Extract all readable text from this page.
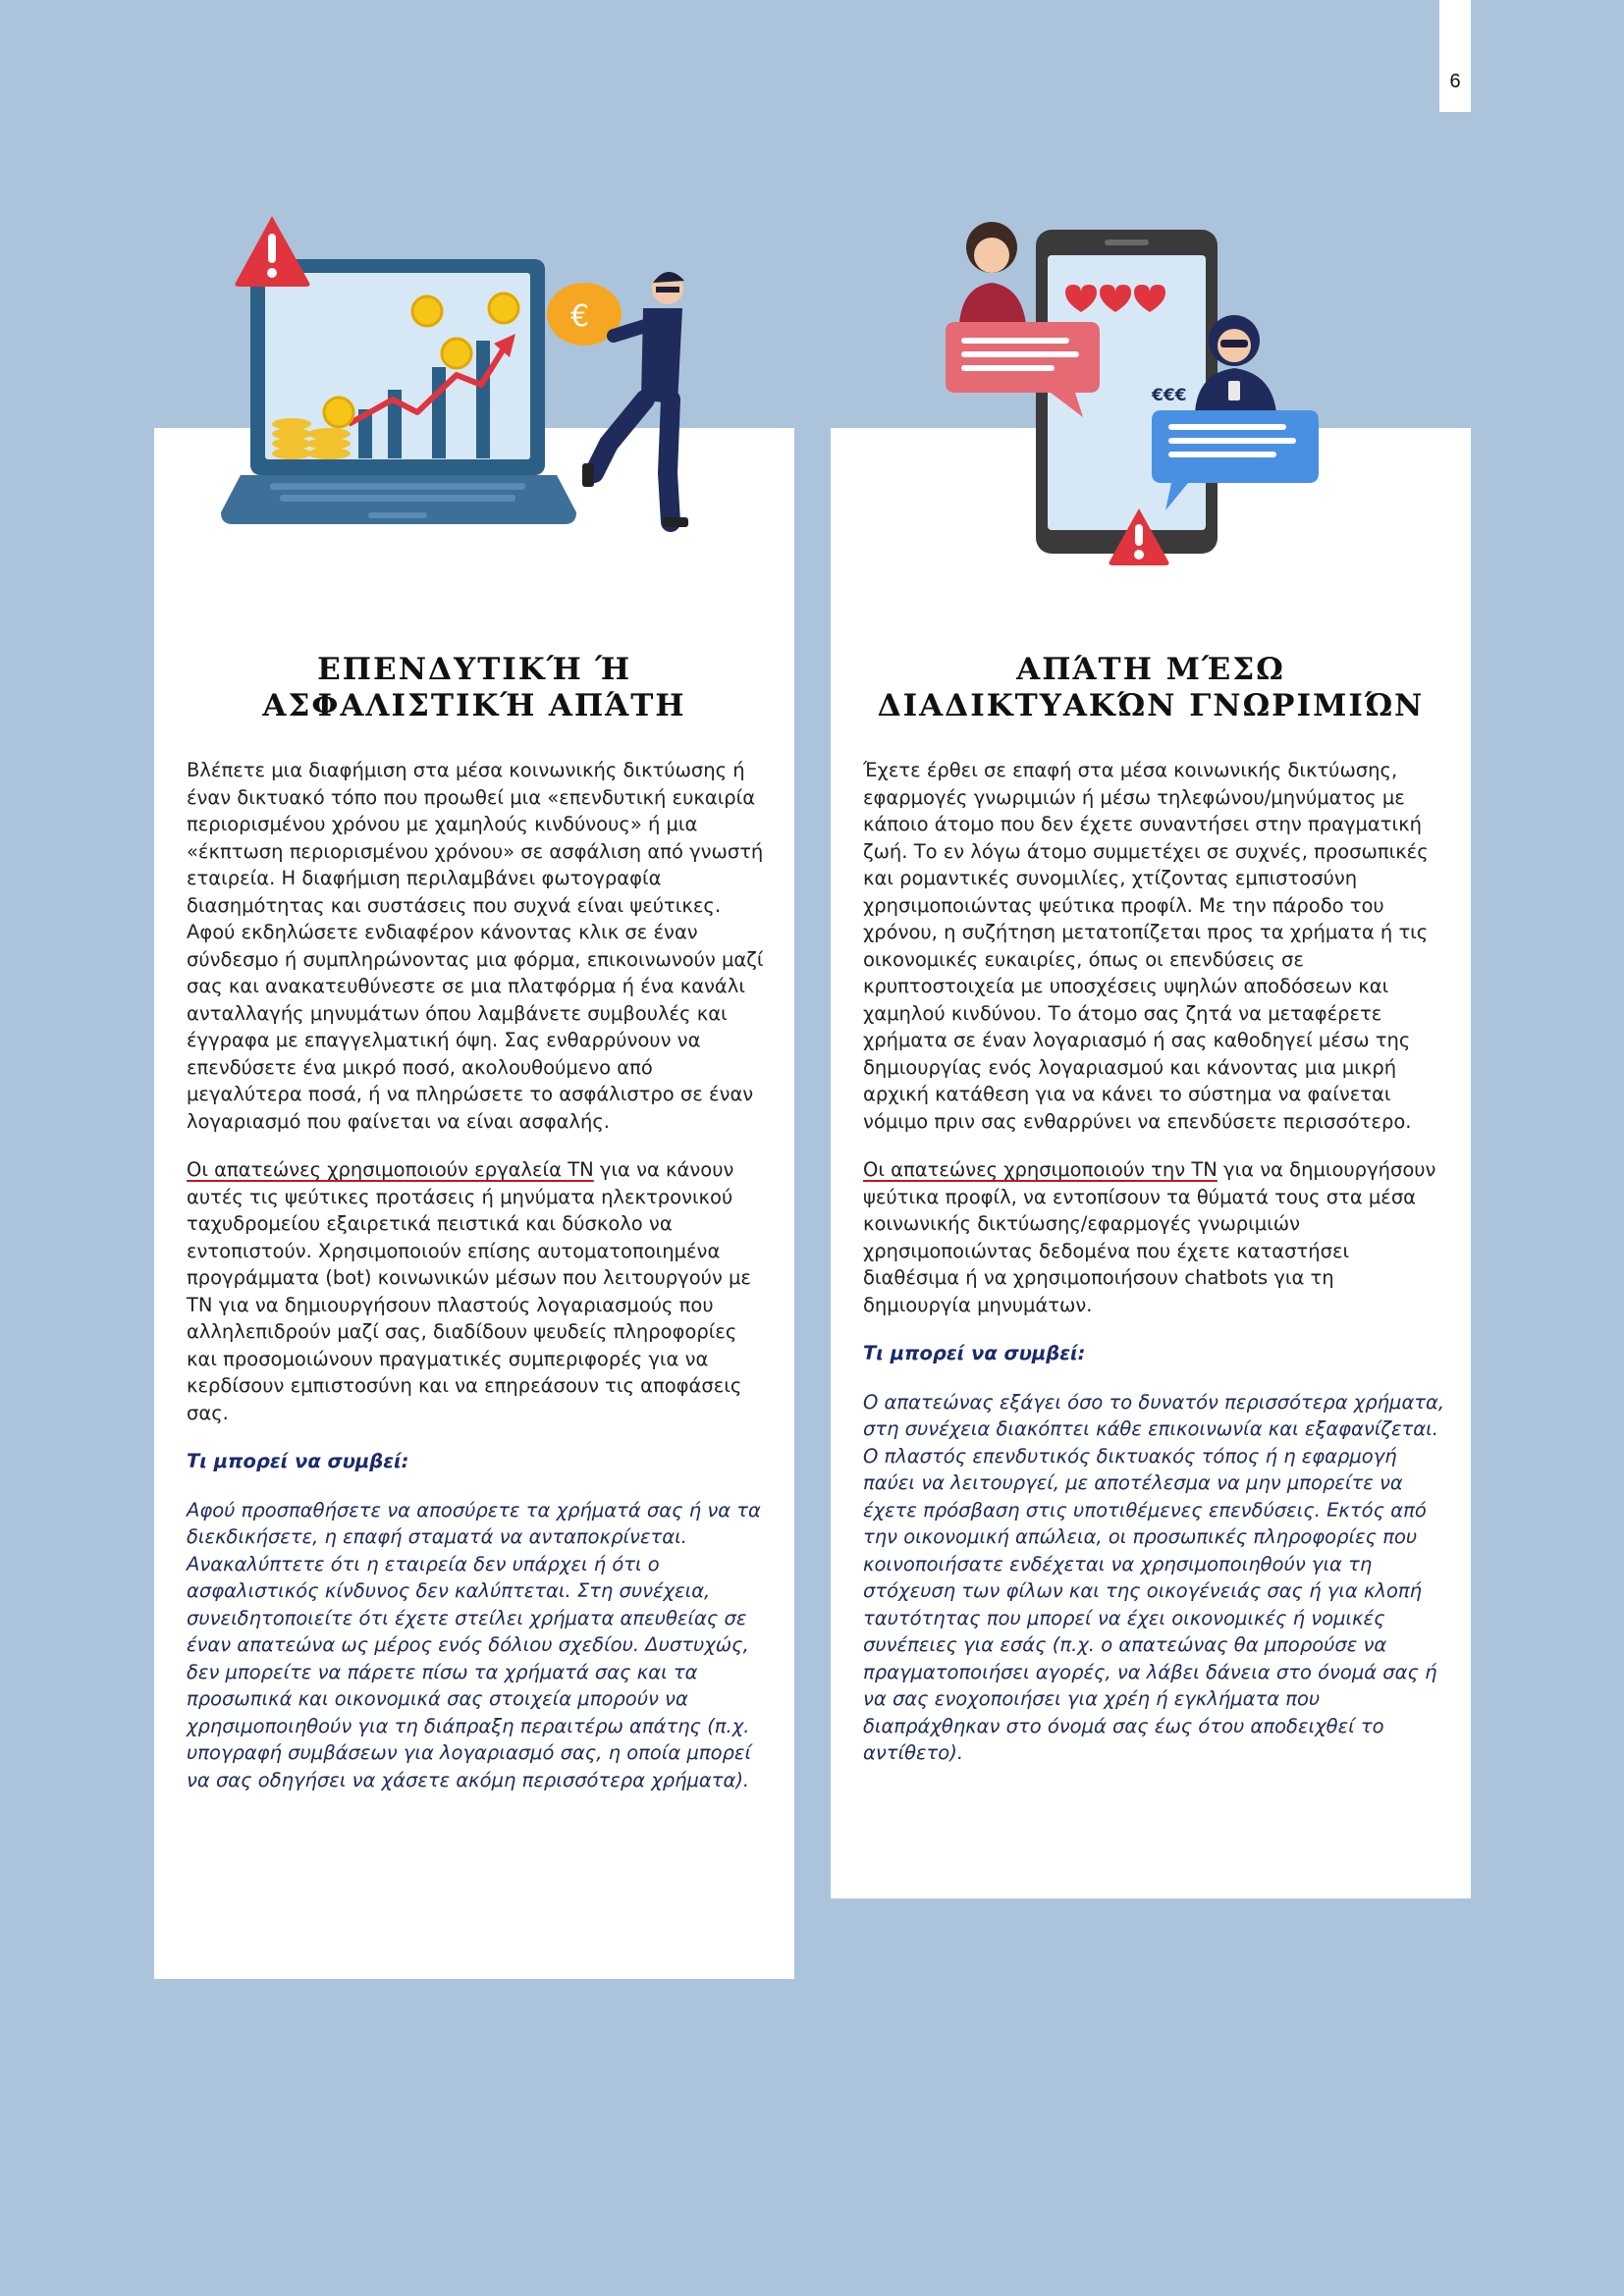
6
ΕΠΕΝΔΥΤΙΚΉ Ή ΑΣΦΑΛΙΣΤΙΚΉ ΑΠΆΤΗ

Βλέπετε μια διαφήμιση στα μέσα κοινωνικής δικτύωσης ή έναν δικτυακό τόπο που προωθεί μια «επενδυτική ευκαιρία περιορισμένου χρόνου με χαμηλούς κινδύνους» ή μια «έκπτωση περιορισμένου χρόνου» σε ασφάλιση από γνωστή εταιρεία. Η διαφήμιση περιλαμβάνει φωτογραφία διασημότητας και συστάσεις που συχνά είναι ψεύτικες. Αφού εκδηλώσετε ενδιαφέρον κάνοντας κλικ σε έναν σύνδεσμο ή συμπληρώνοντας μια φόρμα, επικοινωνούν μαζί σας και ανακατευθύνεστε σε μια πλατφόρμα ή ένα κανάλι ανταλλαγής μηνυμάτων όπου λαμβάνετε συμβουλές και έγγραφα με επαγγελματική όψη. Σας ενθαρρύνουν να επενδύσετε ένα μικρό ποσό, ακολουθούμενο από μεγαλύτερα ποσά, ή να πληρώσετε το ασφάλιστρο σε έναν λογαριασμό που φαίνεται να είναι ασφαλής.

Οι απατεώνες χρησιμοποιούν εργαλεία ΤΝ για να κάνουν αυτές τις ψεύτικες προτάσεις ή μηνύματα ηλεκτρονικού ταχυδρομείου εξαιρετικά πειστικά και δύσκολο να εντοπιστούν. Χρησιμοποιούν επίσης αυτοματοποιημένα προγράμματα (bot) κοινωνικών μέσων που λειτουργούν με ΤΝ για να δημιουργήσουν πλαστούς λογαριασμούς που αλληλεπιδρούν μαζί σας, διαδίδουν ψευδείς πληροφορίες και προσομοιώνουν πραγματικές συμπεριφορές για να κερδίσουν εμπιστοσύνη και να επηρεάσουν τις αποφάσεις σας.

Τι μπορεί να συμβεί:

Αφού προσπαθήσετε να αποσύρετε τα χρήματά σας ή να τα διεκδικήσετε, η επαφή σταματά να ανταποκρίνεται. Ανακαλύπτετε ότι η εταιρεία δεν υπάρχει ή ότι ο ασφαλιστικός κίνδυνος δεν καλύπτεται. Στη συνέχεια, συνειδητοποιείτε ότι έχετε στείλει χρήματα απευθείας σε έναν απατεώνα ως μέρος ενός δόλιου σχεδίου. Δυστυχώς, δεν μπορείτε να πάρετε πίσω τα χρήματά σας και τα προσωπικά και οικονομικά σας στοιχεία μπορούν να χρησιμοποιηθούν για τη διάπραξη περαιτέρω απάτης (π.χ. υπογραφή συμβάσεων για λογαριασμό σας, η οποία μπορεί να σας οδηγήσει να χάσετε ακόμη περισσότερα χρήματα).

ΑΠΆΤΗ ΜΈΣΩ ΔΙΑΔΙΚΤΥΑΚΏΝ ΓΝΩΡΙΜΙΏΝ

Έχετε έρθει σε επαφή στα μέσα κοινωνικής δικτύωσης, εφαρμογές γνωριμιών ή μέσω τηλεφώνου/μηνύματος με κάποιο άτομο που δεν έχετε συναντήσει στην πραγματική ζωή. Το εν λόγω άτομο συμμετέχει σε συχνές, προσωπικές και ρομαντικές συνομιλίες, χτίζοντας εμπιστοσύνη χρησιμοποιώντας ψεύτικα προφίλ. Με την πάροδο του χρόνου, η συζήτηση μετατοπίζεται προς τα χρήματα ή τις οικονομικές ευκαιρίες, όπως οι επενδύσεις σε κρυπτοστοιχεία με υποσχέσεις υψηλών αποδόσεων και χαμηλού κινδύνου. Το άτομο σας ζητά να μεταφέρετε χρήματα σε έναν λογαριασμό ή σας καθοδηγεί μέσω της δημιουργίας ενός λογαριασμού και κάνοντας μια μικρή αρχική κατάθεση για να κάνει το σύστημα να φαίνεται νόμιμο πριν σας ενθαρρύνει να επενδύσετε περισσότερο.

Οι απατεώνες χρησιμοποιούν την ΤΝ για να δημιουργήσουν ψεύτικα προφίλ, να εντοπίσουν τα θύματά τους στα μέσα κοινωνικής δικτύωσης/εφαρμογές γνωριμιών χρησιμοποιώντας δεδομένα που έχετε καταστήσει διαθέσιμα ή να χρησιμοποιήσουν chatbots για τη δημιουργία μηνυμάτων.

Τι μπορεί να συμβεί:

Ο απατεώνας εξάγει όσο το δυνατόν περισσότερα χρήματα, στη συνέχεια διακόπτει κάθε επικοινωνία και εξαφανίζεται. Ο πλαστός επενδυτικός δικτυακός τόπος ή η εφαρμογή παύει να λειτουργεί, με αποτέλεσμα να μην μπορείτε να έχετε πρόσβαση στις υποτιθέμενες επενδύσεις. Εκτός από την οικονομική απώλεια, οι προσωπικές πληροφορίες που κοινοποιήσατε ενδέχεται να χρησιμοποιηθούν για τη στόχευση των φίλων και της οικογένειάς σας ή για κλοπή ταυτότητας που μπορεί να έχει οικονομικές ή νομικές συνέπειες για εσάς (π.χ. ο απατεώνας θα μπορούσε να πραγματοποιήσει αγορές, να λάβει δάνεια στο όνομά σας ή να σας ενοχοποιήσει για χρέη ή εγκλήματα που διαπράχθηκαν στο όνομά σας έως ότου αποδειχθεί το αντίθετο).

€
€€€
